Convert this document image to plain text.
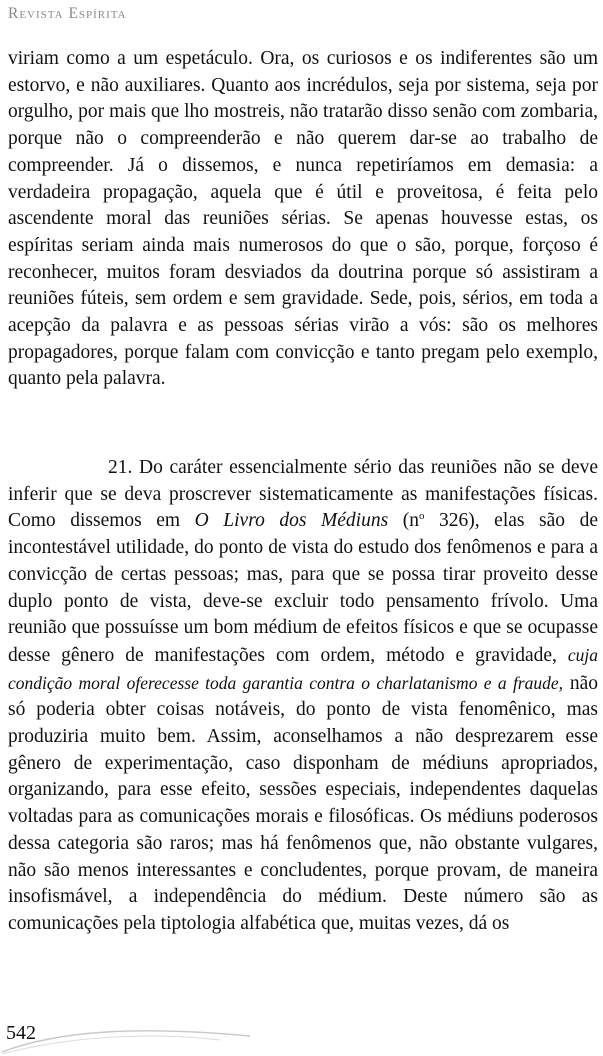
Revista Espírita
viriam como a um espetáculo. Ora, os curiosos e os indiferentes são um estorvo, e não auxiliares. Quanto aos incrédulos, seja por sistema, seja por orgulho, por mais que lho mostreis, não tratarão disso senão com zombaria, porque não o compreenderão e não querem dar-se ao trabalho de compreender. Já o dissemos, e nunca repetiríamos em demasia: a verdadeira propagação, aquela que é útil e proveitosa, é feita pelo ascendente moral das reuniões sérias. Se apenas houvesse estas, os espíritas seriam ainda mais numerosos do que o são, porque, forçoso é reconhecer, muitos foram desviados da doutrina porque só assistiram a reuniões fúteis, sem ordem e sem gravidade. Sede, pois, sérios, em toda a acepção da palavra e as pessoas sérias virão a vós: são os melhores propagadores, porque falam com convicção e tanto pregam pelo exemplo, quanto pela palavra.
21. Do caráter essencialmente sério das reuniões não se deve inferir que se deva proscrever sistematicamente as manifestações físicas. Como dissemos em O Livro dos Médiuns ($n^o$ 326), elas são de incontestável utilidade, do ponto de vista do estudo dos fenômenos e para a convicção de certas pessoas; mas, para que se possa tirar proveito desse duplo ponto de vista, deve-se excluir todo pensamento frívolo. Uma reunião que possuísse um bom médium de efeitos físicos e que se ocupasse desse gênero de manifestações com ordem, método e gravidade, cuja condição moral oferecesse toda garantia contra o charlatanismo e a fraude, não só poderia obter coisas notáveis, do ponto de vista fenomênico, mas produziria muito bem. Assim, aconselhamos a não desprezarem esse gênero de experimentação, caso disponham de médiuns apropriados, organizando, para esse efeito, sessões especiais, independentes daquelas voltadas para as comunicações morais e filosóficas. Os médiuns poderosos dessa categoria são raros; mas há fenômenos que, não obstante vulgares, não são menos interessantes e concludentes, porque provam, de maneira insofismável, a independência do médium. Deste número são as comunicações pela tiptologia alfabética que, muitas vezes, dá os
542
